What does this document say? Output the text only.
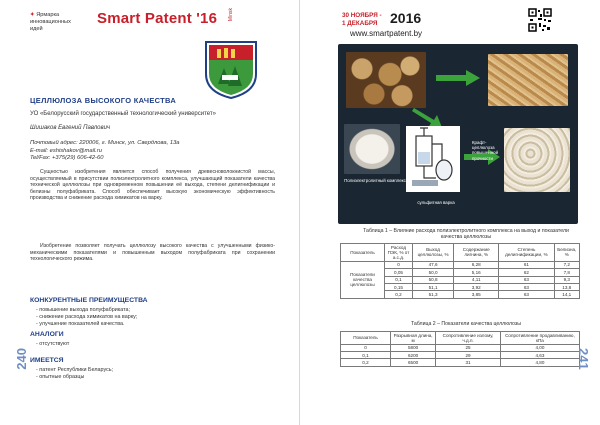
✦ Ярмарка
инновационных
идей
Smart Patent '16 Minsk
ЦЕЛЛЮЛОЗА ВЫСОКОГО КАЧЕСТВА
УО «Белорусский государственный технологический университет»
Шишаков Евгений Павлович
Почтовый адрес: 220006, г. Минск, ул. Свердлова, 13а
E-mail: eshishakov@mail.ru
Tel/Fax: +375(29) 606-42-60

Сущностью изобретения является способ получения древесноволокнистой массы, осуществляемый в присутствии полиэлектролитного комплекса, улучшающий показатели качества технической целлюлозы при одновременном повышении её выхода, степени делигнификации и белизны полуфабриката. Способ обеспечивает высокую экономическую эффективность производства и снижение расхода химикатов на варку.

Изобретение позволяет получать целлюлозу высокого качества с улучшенными физико-механическими показателями и повышенным выходом полуфабриката при сохранении технологического режима.

КОНКУРЕНТНЫЕ ПРЕИМУЩЕСТВА
- повышение выхода полуфабриката;
- снижение расхода химикатов на варку;
- улучшение показателей качества.
АНАЛОГИ
- отсутствуют
ИМЕЕТСЯ
- патент Республики Беларусь;
- опытные образцы
240
30 НОЯБРЯ -
1 ДЕКАБРЯ 2016
www.smartpatent.by
Полиэлектролитный комплекс
сульфитная варка
Крафт-целлюлоза повышенной прочности
Таблица 1 – Влияние расхода полиэлектролитного комплекса на выход и показатели качества целлюлозы
Показатель	Расход ПЭК, % от а.с.д.	Выход целлюлозы, %	Содержание лигнина, %	Степень делигнификации, %	Белизна, %
Показатели качества целлюлозы	0	47,6	6,28	61	7,2
	0,05	50,0	5,16	62	7,8
	0,1	50,8	4,11	63	9,3
	0,15	51,1	3,92	63	13,8
	0,2	51,3	3,85	63	14,1
Таблица 2 – Показатели качества целлюлозы
Показатель	Разрывная длина, м	Сопротивление излому, ч.д.п.	Сопротивление продавливанию, кПа
0	5800	25	4,00
0,1	6200	29	4,63
0,2	6500	31	4,80 241
